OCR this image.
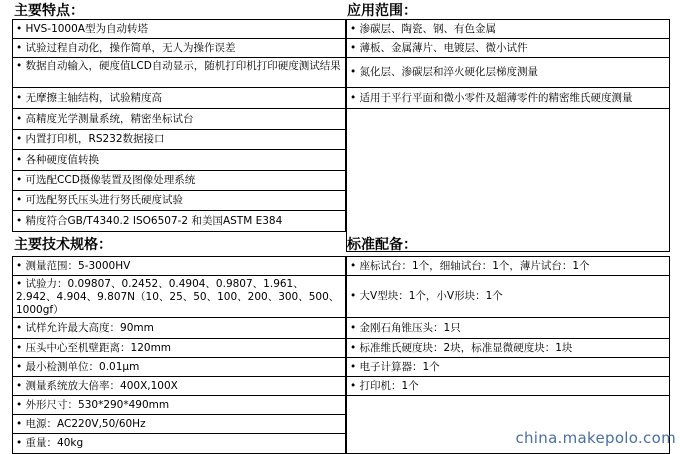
主要特点：
• HVS-1000A型为自动转塔
• 试验过程自动化，操作简单，无人为操作误差
• 数据自动输入，硬度值LCD自动显示，随机打印机打印硬度测试结果
• 无摩擦主轴结构，试验精度高
• 高精度光学测量系统，精密坐标试台
• 内置打印机，RS232数据接口
• 各种硬度值转换
• 可选配CCD摄像装置及图像处理系统
• 可选配努氏压头进行努氏硬度试验
• 精度符合GB/T4340.2 ISO6507-2 和美国ASTM E384
应用范围：
• 渗碳层、陶瓷、钢、有色金属
• 薄板、金属薄片、电镀层、微小试件
• 氮化层、渗碳层和淬火硬化层梯度测量
• 适用于平行平面和微小零件及超薄零件的精密维氏硬度测量
主要技术规格：
• 测量范围：5-3000HV
• 试验力：0.09807、0.2452、0.4904、0.9807、1.961、2.942、4.904、9.807N（10、25、50、100、200、300、500、1000gf）
• 试样允许最大高度：90mm
• 压头中心至机壁距离：120mm
• 最小检测单位：0.01μm
• 测量系统放大倍率：400X,100X
• 外形尺寸：530*290*490mm
• 电源：AC220V,50/60Hz
• 重量：40kg
标准配备：
• 座标试台：1个，细轴试台：1个，薄片试台：1个
• 大V型块：1个，小V形块：1个
• 金刚石角锥压头：1只
• 标准维氏硬度块：2块，标准显微硬度块：1块
• 电子计算器：1个
• 打印机：1个
china.makepolo.com
